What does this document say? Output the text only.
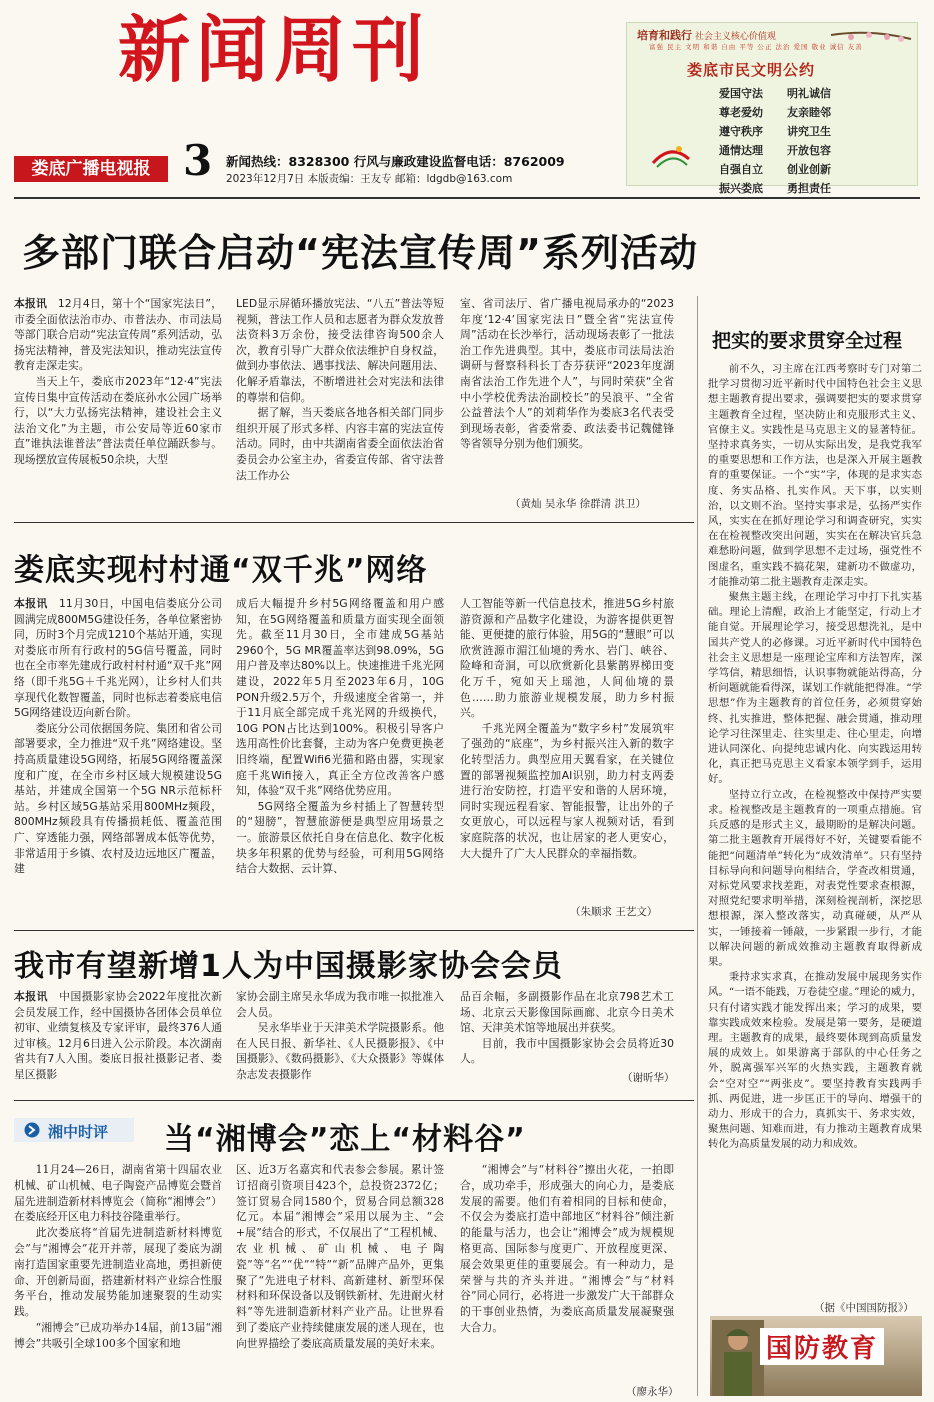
新闻周刊
娄底广播电视报 3 新闻热线：8328300 行风与廉政建设监督电话：8762009
2023年12月7日 本版责编：王友专 邮箱：ldgdb@163.com
培育和践行 社会主义核心价值观
富强 民主 文明 和谐 自由 平等 公正 法治 爱国 敬业 诚信 友善
娄底市民文明公约
爱国守法	明礼诚信
尊老爱幼	友亲睦邻
遵守秩序	讲究卫生
通情达理	开放包容
自强自立	创业创新
振兴娄底	勇担责任
多部门联合启动“宪法宣传周”系列活动

本报讯　 12月4日，第十个“国家宪法日”，市委全面依法治市办、市普法办、市司法局等部门联合启动“宪法宣传周”系列活动，弘扬宪法精神，普及宪法知识，推动宪法宣传教育走深走实。

当天上午，娄底市2023年“12·4”宪法宣传日集中宣传活动在娄底孙水公园广场举行，以“大力弘扬宪法精神，建设社会主义法治文化”为主题，市公安局等近60家市直”谁执法谁普法”普法责任单位踊跃参与。现场摆放宣传展板50余块，大型

LED显示屏循环播放宪法、“八五”普法等短视频，普法工作人员和志愿者为群众发放普法资料3万余份，接受法律咨询500余人次，教育引导广大群众依法维护自身权益，做到办事依法、遇事找法、解决问题用法、化解矛盾靠法，不断增进社会对宪法和法律的尊崇和信仰。

据了解，当天娄底各地各相关部门同步组织开展了形式多样、内容丰富的宪法宣传活动。同时，由中共湖南省委全面依法治省委员会办公室主办，省委宣传部、省守法普法工作办公

室、省司法厅、省广播电视局承办的“2023年度‘12·4’国家宪法日”暨全省“宪法宣传周”活动在长沙举行，活动现场表彰了一批法治工作先进典型。其中，娄底市司法局法治调研与督察科科长丁杏芬获评“2023年度湖南省法治工作先进个人”，与同时荣获“全省中小学校优秀法治副校长”的吴浪平、“全省公益普法个人”的刘莉华作为娄底3名代表受到现场表彰，省委常委、政法委书记魏健锋等省领导分别为他们颁奖。

（黄灿 吴永华 徐群清 洪卫）
娄底实现村村通“双千兆”网络

本报讯　 11月30日，中国电信娄底分公司圆满完成800M5G建设任务，各单位紧密协同，历时3个月完成1210个基站开通，实现对娄底市所有行政村的5G信号覆盖，同时也在全市率先建成行政村村村通“双千兆”网络（即千兆5G＋千兆光网），让乡村人们共享现代化数智覆盖，同时也标志着娄底电信5G网络建设迈向新台阶。

娄底分公司依据国务院、集团和省公司部署要求，全力推进“双千兆”网络建设。坚持高质量建设5G网络，拓展5G网络覆盖深度和广度，在全市乡村区域大规模建设5G基站，并建成全国第一个5G NR示范标杆站。乡村区域5G基站采用800MHz频段，800MHz频段具有传播损耗低、覆盖范围广、穿透能力强，网络部署成本低等优势，非常适用于乡镇、农村及边远地区广覆盖，建

成后大幅提升乡村5G网络覆盖和用户感知，在5G网络覆盖和质量方面实现全面领先。截至11月30日，全市建成5G基站2960个，5G MR覆盖率达到98.09%，5G用户普及率达80%以上。快速推进千兆光网建设，2022年5月至2023年6月，10G PON升级2.5万个，升级速度全省第一，并于11月底全部完成千兆光网的升级换代，10G PON占比达到100%。积极引导客户选用高性价比套餐，主动为客户免费更换老旧终端，配置Wifi6光猫和路由器，实现家庭千兆Wifi接入，真正全方位改善客户感知，体验“双千兆”网络优势应用。

5G网络全覆盖为乡村插上了智慧转型的“翅膀”，智慧旅游便是典型应用场景之一。旅游景区依托自身在信息化、数字化板块多年积累的优势与经验，可利用5G网络结合大数据、云计算、

人工智能等新一代信息技术，推进5G乡村旅游资源和产品数字化建设，为游客提供更智能、更便捷的旅行体验，用5G的“慧眼”可以欣赏涟源市湄江仙境的秀水、岩门、峡谷、险峰和奇洞，可以欣赏新化县紫鹊界梯田变化万千，宛如天上瑶池，人间仙境的景色……助力旅游业规模发展，助力乡村振兴。

千兆光网全覆盖为“数字乡村”发展筑牢了强劲的“底座”，为乡村振兴注入新的数字化转型活力。典型应用天翼看家，在关键位置的部署视频监控加AI识别，助力村支两委进行治安防控，打造平安和谐的人居环境，同时实现远程看家、智能报警，让出外的子女更放心，可以远程与家人视频对话，看到家庭院落的状况，也让居家的老人更安心，大大提升了广大人民群众的幸福指数。

（朱顺求 王艺文）
我市有望新增1人为中国摄影家协会会员

本报讯　 中国摄影家协会2022年度批次新会员发展工作，经中国摄协各团体会员单位初审、业绩复核及专家评审，最终376人通过审核。12月6日进入公示阶段。本次湖南省共有7人入围。娄底日报社摄影记者、娄星区摄影

家协会副主席吴永华成为我市唯一拟批准入会人员。

吴永华毕业于天津美术学院摄影系。他在人民日报、新华社、《人民摄影报》、《中国摄影》、《数码摄影》、《大众摄影》等媒体杂志发表摄影作

品百余幅，多副摄影作品在北京798艺术工场、北京云天影像国际画廊、北京今日美术馆、天津美术馆等地展出并获奖。

目前，我市中国摄影家协会会员将近30人。

（谢昕华）
湘中时评 当“湘博会”恋上“材料谷”

11月24—26日，湖南省第十四届农业机械、矿山机械、电子陶瓷产品博览会暨首届先进制造新材料博览会（简称“湘博会”）在娄底经开区电力科技谷隆重举行。

此次娄底将“首届先进制造新材料博览会”与“湘博会”花开并蒂，展现了娄底为湖南打造国家重要先进制造业高地，勇担新使命、开创新局面，搭建新材料产业综合性服务平台，推动发展势能加速聚裂的生动实践。

“湘博会”已成功举办14届，前13届“湘博会”共吸引全球100多个国家和地

区、近3万名嘉宾和代表参会参展。累计签订招商引资项目423个，总投资2372亿；签订贸易合同1580个，贸易合同总额328亿元。本届“湘博会”采用以展为主、“会+展”结合的形式，不仅展出了“工程机械、农业机械、矿山机械、电子陶瓷”等“名”“优”“特”“新”品牌产品外，更集聚了“先进电子材料、高新建材、新型环保材料和环保设备以及钢铁新材、先进耐火材料”等先进制造新材料产业产品。让世界看到了娄底产业持续健康发展的迷人现在，也向世界描绘了娄底高质量发展的美好未来。

“湘博会”与“材料谷”擦出火花，一拍即合，成功牵手，形成强大的向心力，是娄底发展的需要。他们有着相同的目标和使命，不仅会为娄底打造中部地区“材料谷”倾注新的能量与活力，也会让“湘博会”成为规模规格更高、国际参与度更广、开放程度更深、展会效果更佳的重要展会。有一种动力，是荣誉与共的齐头并进。“湘博会”与“材料谷”同心同行，必将进一步激发广大干部群众的干事创业热情，为娄底高质量发展凝聚强大合力。

（廖永华）
把实的要求贯穿全过程

前不久，习主席在江西考察时专门对第二批学习贯彻习近平新时代中国特色社会主义思想主题教育提出要求，强调要把实的要求贯穿主题教育全过程，坚决防止和克服形式主义、官僚主义。实践性是马克思主义的显著特征。坚持求真务实，一切从实际出发，是我党我军的重要思想和工作方法，也是深入开展主题教育的重要保证。一个“实”字，体现的是求实态度、务实品格、扎实作风。天下事，以实则治，以文则不治。坚持实事求是，弘扬严实作风，实实在在抓好理论学习和调查研究，实实在在检视整改突出问题，实实在在解决官兵急难愁盼问题，做到学思想不走过场，强党性不图虚名，重实践不搞花架，建新功不做虚功，才能推动第二批主题教育走深走实。

聚焦主题主线，在理论学习中打下扎实基础。理论上清醒，政治上才能坚定，行动上才能自觉。开展理论学习，接受思想洗礼，是中国共产党人的必修课。习近平新时代中国特色社会主义思想是一座理论宝库和方法智库，深学笃信，精思细悟，认识事物就能站得高，分析问题就能看得深，谋划工作就能把得准。“学思想”作为主题教育的首位任务，必须贯穿始终、扎实推进，整体把握、融会贯通，推动理论学习往深里走、往实里走、往心里走，向增进认同深化、向提纯忠诚内化、向实践运用转化，真正把马克思主义看家本领学到手，运用好。

坚持立行立改，在检视整改中保持严实要求。检视整改是主题教育的一项重点措施。官兵反感的是形式主义，最期盼的是解决问题。第二批主题教育开展得好不好，关键要看能不能把“问题清单”转化为“成效清单”。只有坚持目标导向和问题导向相结合，学查改相贯通，对标党风要求找差距，对表党性要求查根源，对照党纪要求明举措，深刻检视剖析，深挖思想根源，深入整改落实，动真碰硬，从严从实，一锤接着一锤敲，一步紧跟一步行，才能以解决问题的新成效推动主题教育取得新成果。

秉持求实求真，在推动发展中展现务实作风。“一语不能践，万卷徒空虚。”理论的威力，只有付诸实践才能发挥出来；学习的成果，要靠实践成效来检验。发展是第一要务，是硬道理。主题教育的成果，最终要体现到高质量发展的成效上。如果游离于部队的中心任务之外，脱离强军兴军的火热实践，主题教育就会“空对空”“两张皮”。要坚持教育实践两手抓、两促进，进一步匡正干的导向、增强干的动力、形成干的合力，真抓实干、务求实效，聚焦问题、知难而进，有力推动主题教育成果转化为高质量发展的动力和成效。

（据《中国国防报》）
国防教育
